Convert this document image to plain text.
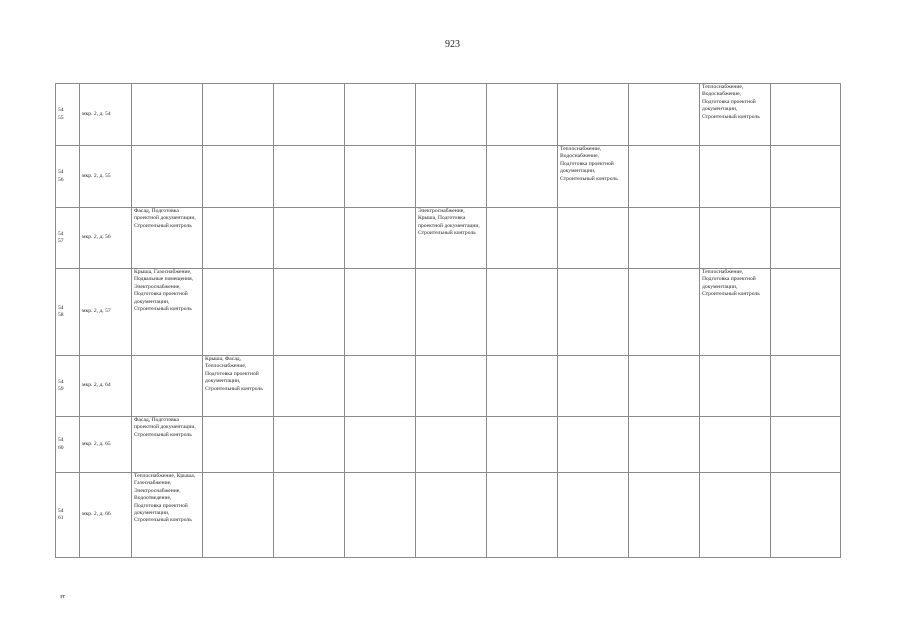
923
54
55	мкр. 2, д. 54									Теплоснабжение, Водоснабжение, Подготовка проектной документации, Строительный контроль	

54
56	мкр. 2, д. 55							Теплоснабжение, Водоснабжение, Подготовка проектной документации, Строительный контроль			

54
57	мкр. 2, д. 56	Фасад, Подготовка проектной документации, Строительный контроль				Электроснабжение, Крыша, Подготовка проектной документации, Строительный контроль					

54
58	мкр. 2, д. 57	Крыша, Газоснабжение, Подвальные помещения, Электроснабжение, Подготовка проектной документации, Строительный контроль								Теплоснабжение, Подготовка проектной документации, Строительный контроль	

54
59	мкр. 2, д. 64		Крыша, Фасад, Теплоснабжение, Подготовка проектной документации, Строительный контроль								

54
60	мкр. 2, д. 65	Фасад, Подготовка проектной документации, Строительный контроль									

54
61	мкр. 2, д. 66	Теплоснабжение, Крыша, Газоснабжение, Электроснабжение, Водоотведение, Подготовка проектной документации, Строительный контроль									
зт
